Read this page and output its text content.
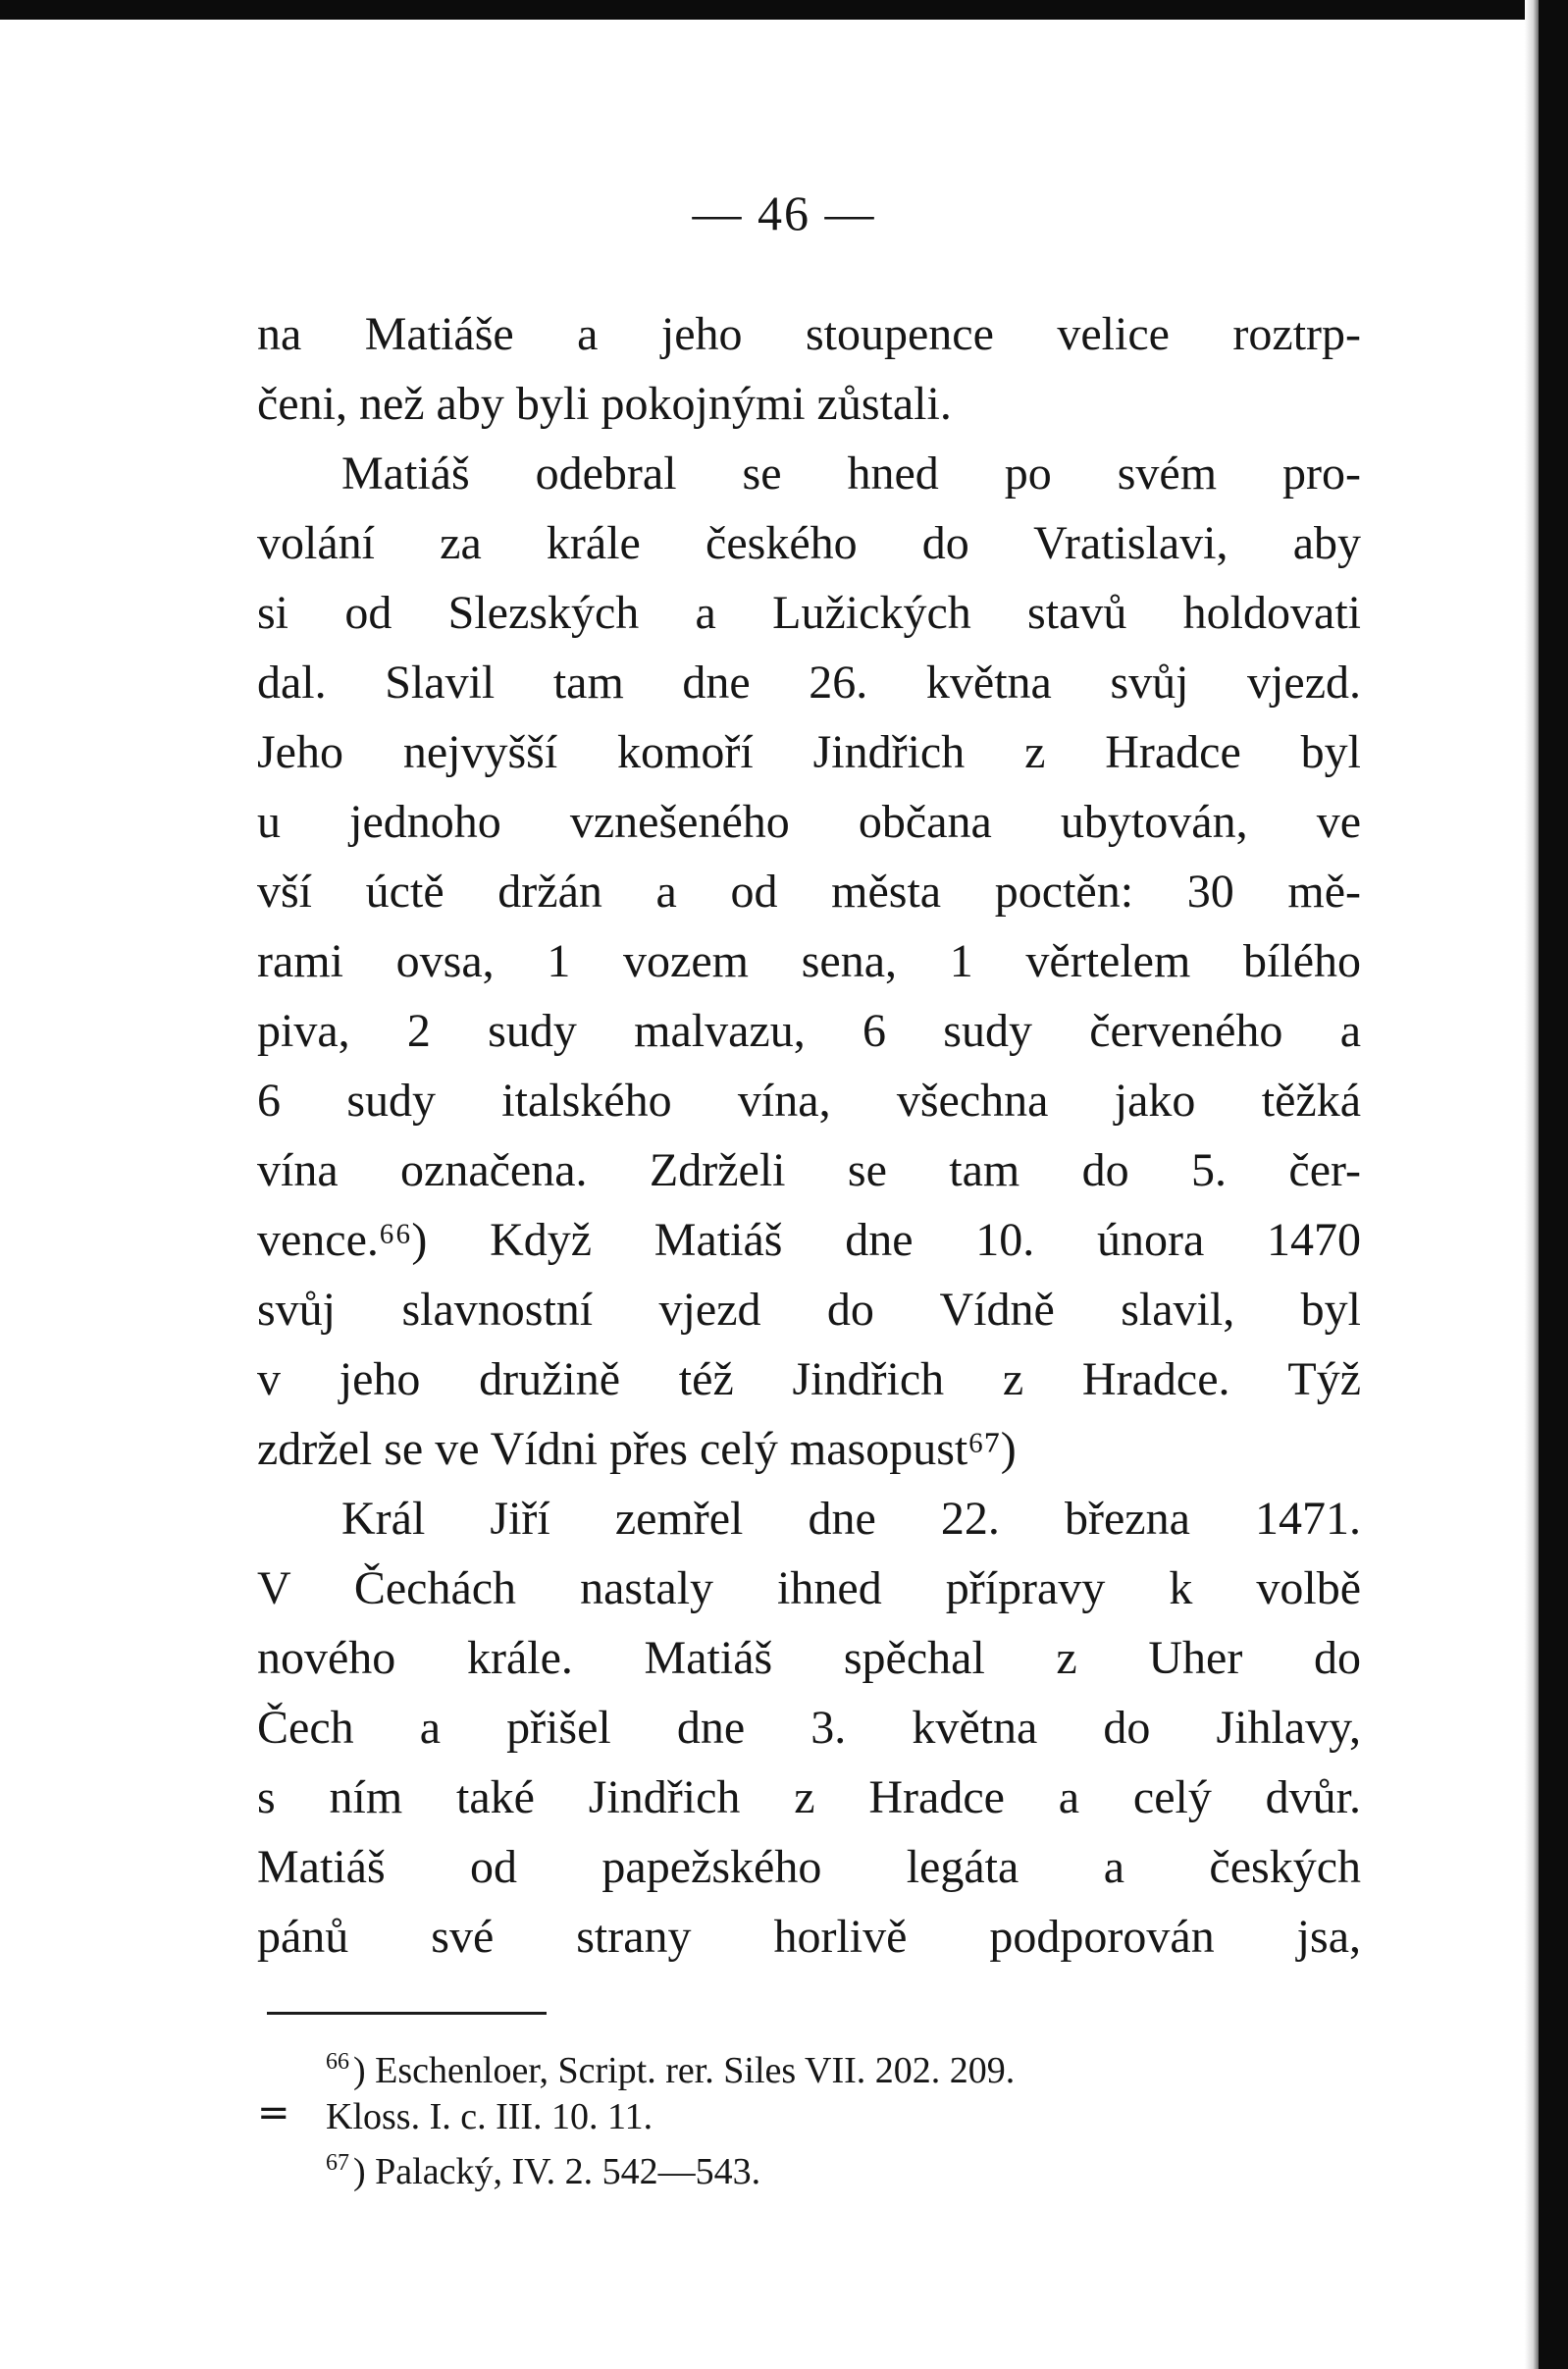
— 46 —
na Matiáše a jeho stoupence velice roztrp-
čeni, než aby byli pokojnými zůstali.
Matiáš odebral se hned po svém pro-
volání za krále českého do Vratislavi, aby
si od Slezských a Lužických stavů holdovati
dal. Slavil tam dne 26. května svůj vjezd.
Jeho nejvyšší komoří Jindřich z Hradce byl
u jednoho vznešeného občana ubytován, ve
vší úctě držán a od města poctěn: 30 mě-
rami ovsa, 1 vozem sena, 1 věrtelem bílého
piva, 2 sudy malvazu, 6 sudy červeného a
6 sudy italského vína, všechna jako těžká
vína označena. Zdrželi se tam do 5. čer-
vence.⁶⁶) Když Matiáš dne 10. února 1470
svůj slavnostní vjezd do Vídně slavil, byl
v jeho družině též Jindřich z Hradce. Týž
zdržel se ve Vídni přes celý masopust⁶⁷)
Král Jiří zemřel dne 22. března 1471.
V Čechách nastaly ihned přípravy k volbě
nového krále. Matiáš spěchal z Uher do
Čech a přišel dne 3. května do Jihlavy,
s ním také Jindřich z Hradce a celý dvůr.
Matiáš od papežského legáta a českých
pánů své strany horlivě podporován jsa,
=
$^{66}$ ) Eschenloer, Script. rer. Siles VII. 202. 209.
Kloss. I. c. III. 10. 11.
$^{67}$ ) Palacký, IV. 2. 542—543.
